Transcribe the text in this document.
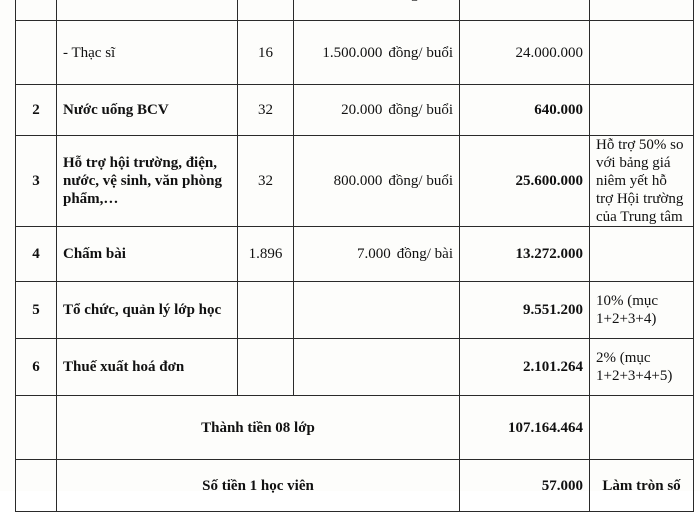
	- Thạc sĩ	16	1.500.000 đồng/ buổi	24.000.000	
2	Nước uống BCV	32	20.000 đồng/ buổi	640.000	
3	Hỗ trợ hội trường, điện, nước, vệ sinh, văn phòng phẩm,…	32	800.000 đồng/ buổi	25.600.000	Hỗ trợ 50% so với bảng giá niêm yết hỗ trợ Hội trường của Trung tâm
4	Chấm bài	1.896	7.000 đồng/ bài	13.272.000	
5	Tổ chức, quản lý lớp học			9.551.200	10% (mục 1+2+3+4)
6	Thuế xuất hoá đơn			2.101.264	2% (mục 1+2+3+4+5)
	Thành tiền 08 lớp			107.164.464	
	Số tiền 1 học viên			57.000	Làm tròn số
